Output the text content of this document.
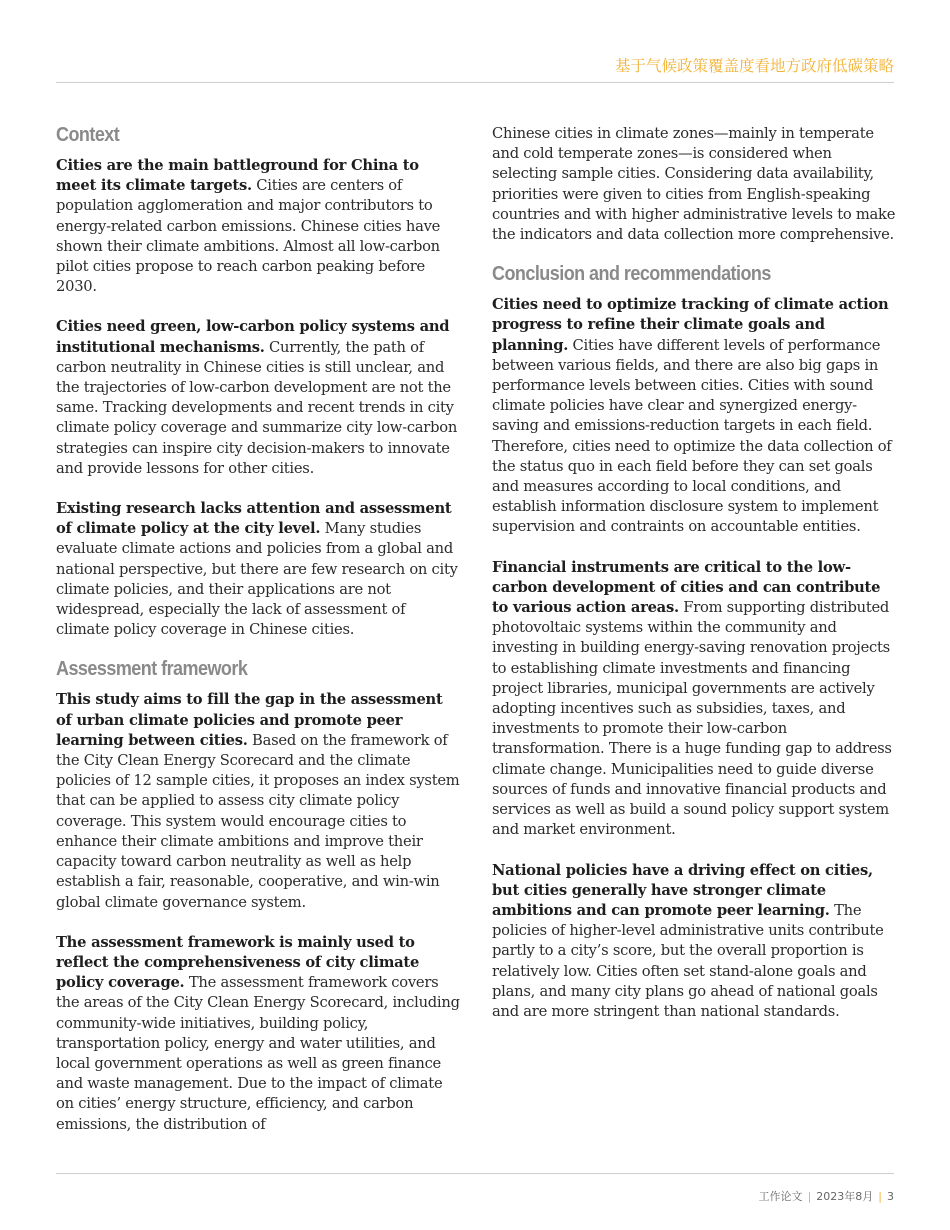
基于气候政策覆盖度看地方政府低碳策略
Context

Cities are the main battleground for China to meet its climate targets. Cities are centers of population agglomeration and major contributors to energy-related carbon emissions. Chinese cities have shown their climate ambitions. Almost all low-carbon pilot cities propose to reach carbon peaking before 2030.

Cities need green, low-carbon policy systems and institutional mechanisms. Currently, the path of carbon neutrality in Chinese cities is still unclear, and the trajectories of low-carbon development are not the same. Tracking developments and recent trends in city climate policy coverage and summarize city low-carbon strategies can inspire city decision-makers to innovate and provide lessons for other cities.

Existing research lacks attention and assessment of climate policy at the city level. Many studies evaluate climate actions and policies from a global and national perspective, but there are few research on city climate policies, and their applications are not widespread, especially the lack of assessment of climate policy coverage in Chinese cities.

Assessment framework

This study aims to fill the gap in the assessment of urban climate policies and promote peer learning between cities. Based on the framework of the City Clean Energy Scorecard and the climate policies of 12 sample cities, it proposes an index system that can be applied to assess city climate policy coverage. This system would encourage cities to enhance their climate ambitions and improve their capacity toward carbon neutrality as well as help establish a fair, reasonable, cooperative, and win-win global climate governance system.

The assessment framework is mainly used to reflect the comprehensiveness of city climate policy coverage. The assessment framework covers the areas of the City Clean Energy Scorecard, including community-wide initiatives, building policy, transportation policy, energy and water utilities, and local government operations as well as green finance and waste management. Due to the impact of climate on cities’ energy structure, efficiency, and carbon emissions, the distribution of

Chinese cities in climate zones—mainly in temperate and cold temperate zones—is considered when selecting sample cities. Considering data availability, priorities were given to cities from English-speaking countries and with higher administrative levels to make the indicators and data collection more comprehensive.

Conclusion and recommendations

Cities need to optimize tracking of climate action progress to refine their climate goals and planning. Cities have different levels of performance between various fields, and there are also big gaps in performance levels between cities. Cities with sound climate policies have clear and synergized energy-saving and emissions-reduction targets in each field. Therefore, cities need to optimize the data collection of the status quo in each field before they can set goals and measures according to local conditions, and establish information disclosure system to implement supervision and contraints on accountable entities.

Financial instruments are critical to the low-carbon development of cities and can contribute to various action areas. From supporting distributed photovoltaic systems within the community and investing in building energy-saving renovation projects to establishing climate investments and financing project libraries, municipal governments are actively adopting incentives such as subsidies, taxes, and investments to promote their low-carbon transformation. There is a huge funding gap to address climate change. Municipalities need to guide diverse sources of funds and innovative financial products and services as well as build a sound policy support system and market environment.

National policies have a driving effect on cities, but cities generally have stronger climate ambitions and can promote peer learning. The policies of higher-level administrative units contribute partly to a city’s score, but the overall proportion is relatively low. Cities often set stand-alone goals and plans, and many city plans go ahead of national goals and are more stringent than national standards.

工作论文 | 2023年8月 | 3
